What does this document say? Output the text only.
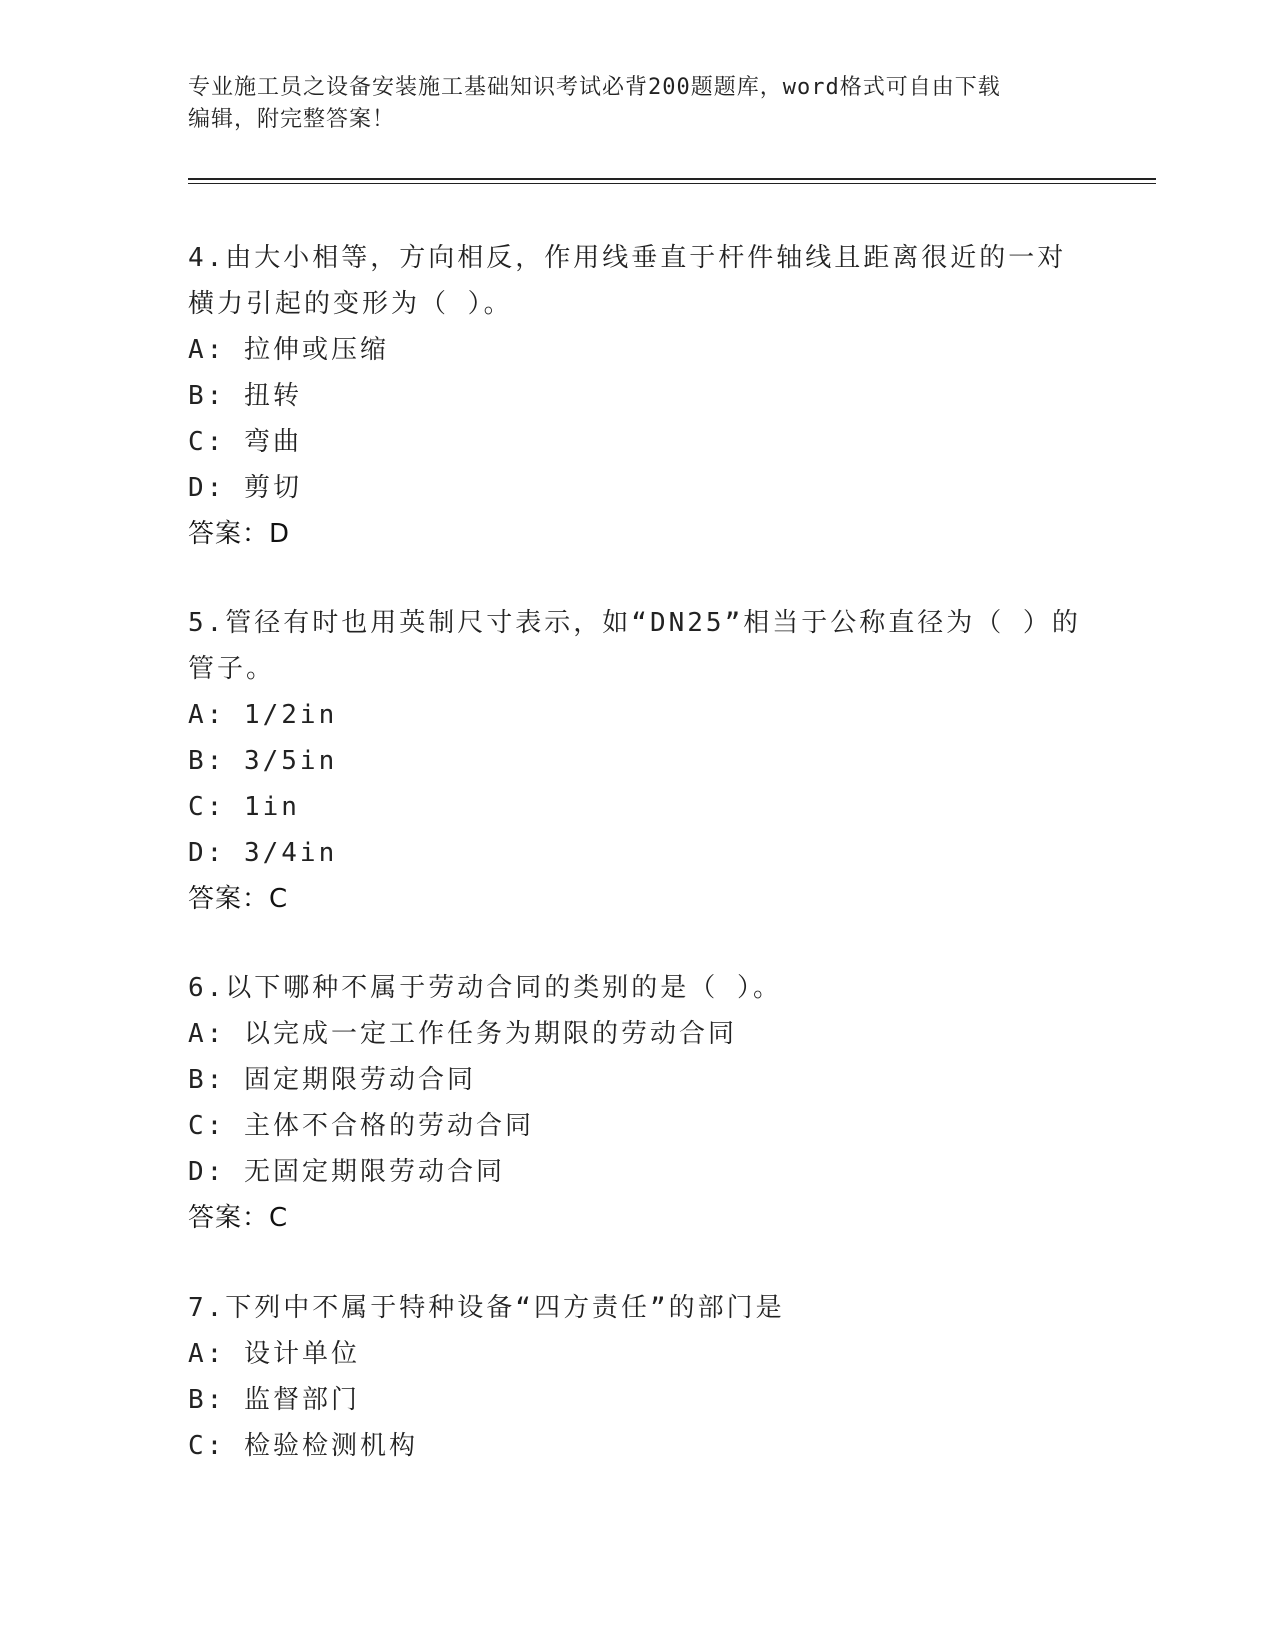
专业施工员之设备安装施工基础知识考试必背200题题库，word格式可自由下载
编辑，附完整答案！
4.由大小相等，方向相反，作用线垂直于杆件轴线且距离很近的一对
横力引起的变形为（ ）。
A: 拉伸或压缩
B: 扭转
C: 弯曲
D: 剪切
答案：D
5.管径有时也用英制尺寸表示，如“DN25”相当于公称直径为（ ）的
管子。
A: 1/2in
B: 3/5in
C: 1in
D: 3/4in
答案：C
6.以下哪种不属于劳动合同的类别的是（ ）。
A: 以完成一定工作任务为期限的劳动合同
B: 固定期限劳动合同
C: 主体不合格的劳动合同
D: 无固定期限劳动合同
答案：C
7.下列中不属于特种设备“四方责任”的部门是
A: 设计单位
B: 监督部门
C: 检验检测机构
